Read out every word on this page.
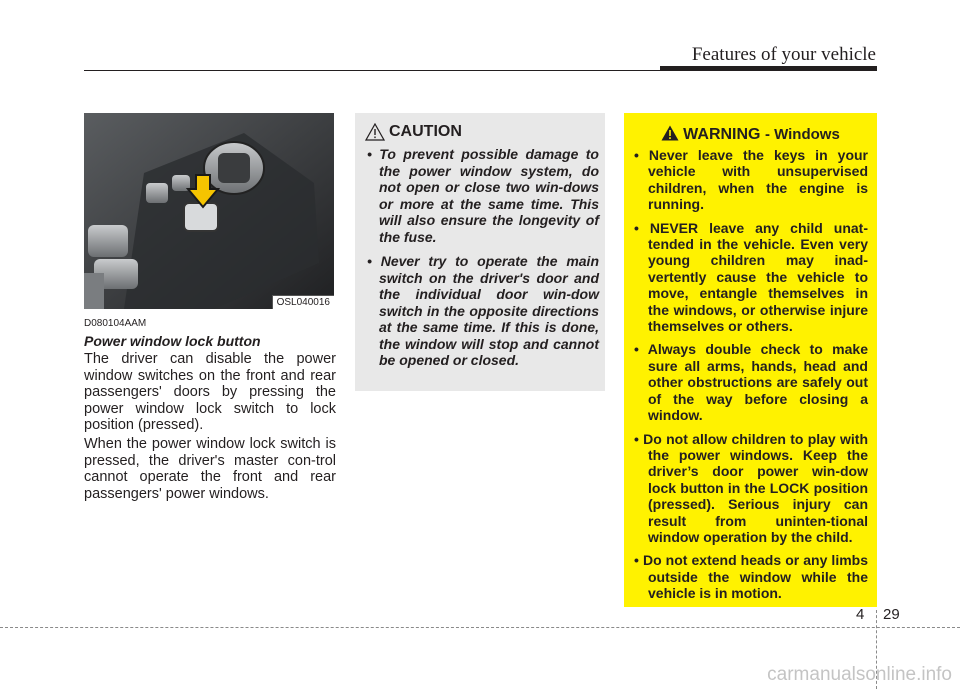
Features of your vehicle
OSL040016
D080104AAM
Power window lock button

The driver can disable the power window switches on the front and rear passengers' doors by pressing the power window lock switch to lock position (pressed).

When the power window lock switch is pressed, the driver's master con-trol cannot operate the front and rear passengers' power windows.

CAUTION
• To prevent possible damage to the power window system, do not open or close two win-dows or more at the same time. This will also ensure the longevity of the fuse.
• Never try to operate the main switch on the driver's door and the individual door win-dow switch in the opposite directions at the same time. If this is done, the window will stop and cannot be opened or closed.
WARNING - Windows
• Never leave the keys in your vehicle with unsupervised children, when the engine is running.
• NEVER leave any child unat-tended in the vehicle. Even very young children may inad-vertently cause the vehicle to move, entangle themselves in the windows, or otherwise injure themselves or others.
• Always double check to make sure all arms, hands, head and other obstructions are safely out of the way before closing a window.
• Do not allow children to play with the power windows. Keep the driver’s door power win-dow lock button in the LOCK position (pressed). Serious injury can result from uninten-tional window operation by the child.
• Do not extend heads or any limbs outside the window while the vehicle is in motion.
4 29
carmanualsonline.info
